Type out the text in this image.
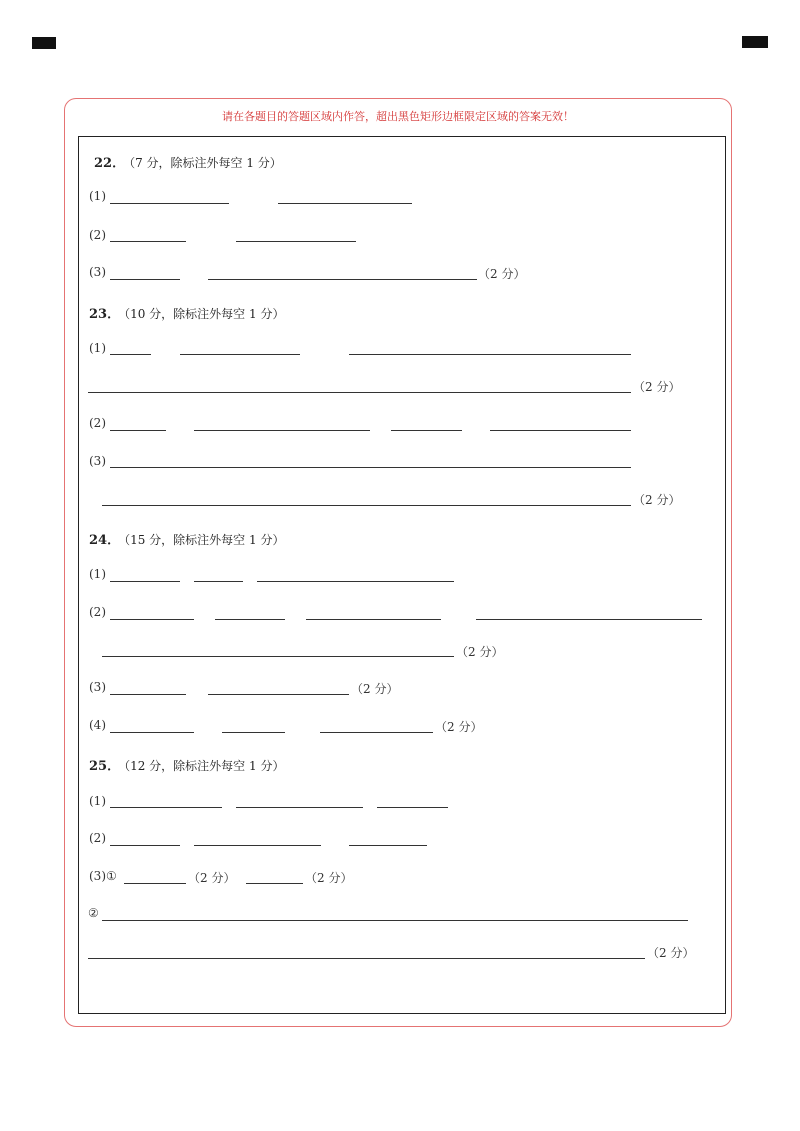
请在各题目的答题区域内作答，超出黑色矩形边框限定区域的答案无效！
22． （7 分，除标注外每空 1 分）
(1)
(2)
(3)	（2 分）
23． （10 分，除标注外每空 1 分）
(1)
（2 分）
(2)
(3)
（2 分）
24． （15 分，除标注外每空 1 分）
(1)
(2)
（2 分）
(3)	（2 分）
(4)	（2 分）
25． （12 分，除标注外每空 1 分）
(1)
(2)
(3)①	（2 分）	（2 分）
②
（2 分）
